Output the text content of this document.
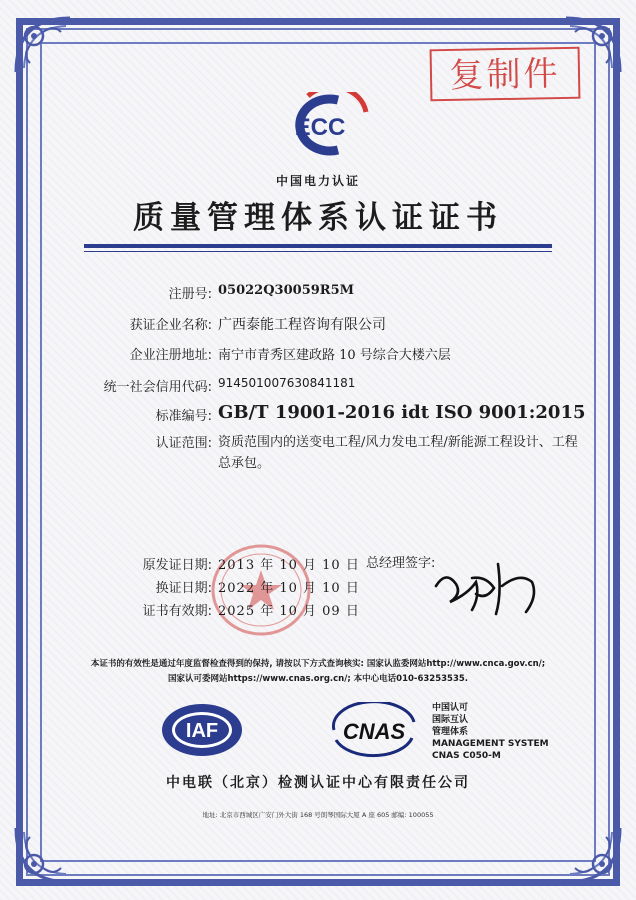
复制件
ECC
中国电力认证
质量管理体系认证证书
注册号: 05022Q30059R5M
获证企业名称: 广西泰能工程咨询有限公司
企业注册地址: 南宁市青秀区建政路 10 号综合大楼六层
统一社会信用代码: 914501007630841181
标准编号: GB/T 19001-2016 idt ISO 9001:2015
认证范围: 资质范围内的送变电工程/风力发电工程/新能源工程设计、工程总承包。
原发证日期: 2013 年 10 月 10 日
换证日期: 2022 年 10 月 10 日
证书有效期: 2025 年 10 月 09 日
总经理签字:
本证书的有效性是通过年度监督检查得到的保持, 请按以下方式查询核实: 国家认监委网站http://www.cnca.gov.cn/;
国家认可委网站https://www.cnas.org.cn/; 本中心电话010-63253535.
IAF	CNAS
中国认可
国际互认
管理体系
MANAGEMENT SYSTEM
CNAS C050-M
中电联（北京）检测认证中心有限责任公司
地址: 北京市西城区广安门外大街 168 号朗琴国际大厦 A 座 605 邮编: 100055
